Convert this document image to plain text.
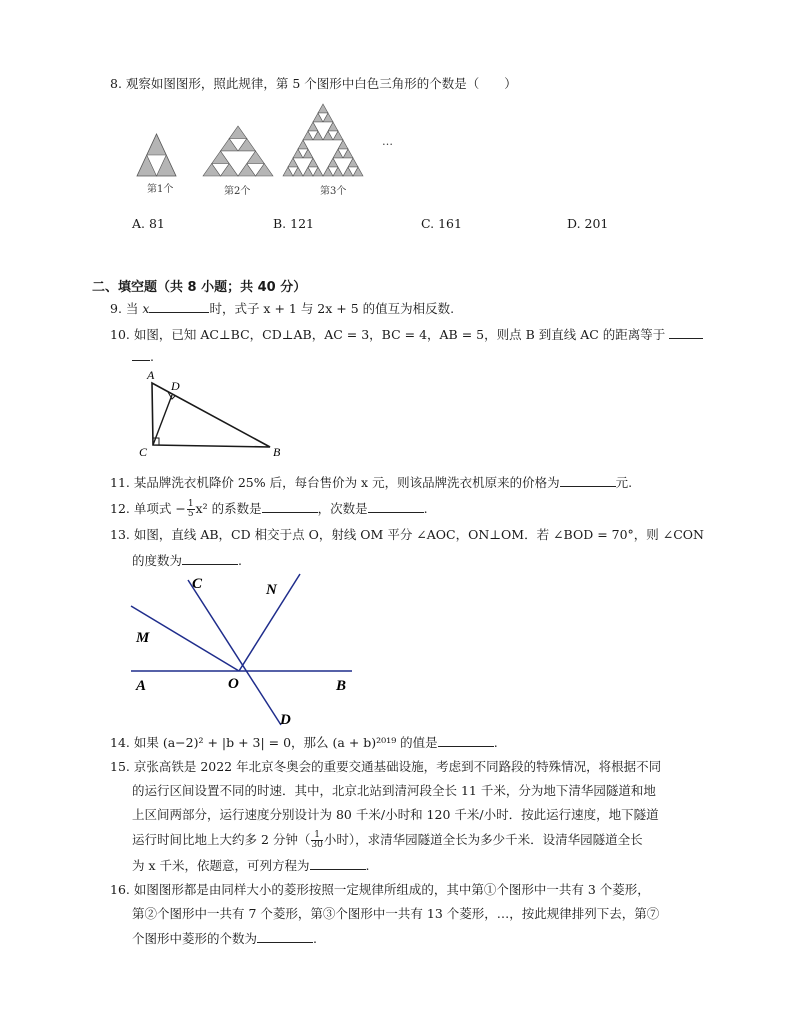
8. 观察如图图形，照此规律，第 5 个图形中白色三角形的个数是（　　）
…
第1个	第2个	第3个
A. 81	B. 121	C. 161	D. 201
二、填空题（共 8 小题；共 40 分）
9. 当 x	时，式子 x + 1 与 2x + 5 的值互为相反数.
10. 如图，已知 AC⊥BC，CD⊥AB，AC = 3，BC = 4，AB = 5，则点 B 到直线 AC 的距离等于
.
A
D
C	B
11. 某品牌洗衣机降价 25% 后，每台售价为 x 元，则该品牌洗衣机原来的价格为	元.
12. 单项式 − $\frac{1}{5} x^2$ 的系数是	，次数是	.
13. 如图，直线 AB，CD 相交于点 O，射线 OM 平分 ∠AOC，ON⊥OM．若 ∠BOD = 70°，则 ∠CON
的度数为	.
C	N
M
A	O	B
D
14. 如果 (a−2)² + |b + 3| = 0，那么 (a + b)²⁰¹⁹ 的值是	.
15. 京张高铁是 2022 年北京冬奥会的重要交通基础设施，考虑到不同路段的特殊情况，将根据不同
的运行区间设置不同的时速．其中，北京北站到清河段全长 11 千米，分为地下清华园隧道和地
上区间两部分，运行速度分别设计为 80 千米/小时和 120 千米/小时．按此运行速度，地下隧道
运行时间比地上大约多 2 分钟（ $\frac{1}{30}$ 小时），求清华园隧道全长为多少千米．设清华园隧道全长
为 x 千米，依题意，可列方程为	.
16. 如图图形都是由同样大小的菱形按照一定规律所组成的，其中第①个图形中一共有 3 个菱形，
第②个图形中一共有 7 个菱形，第③个图形中一共有 13 个菱形，…，按此规律排列下去，第⑦
个图形中菱形的个数为	.
